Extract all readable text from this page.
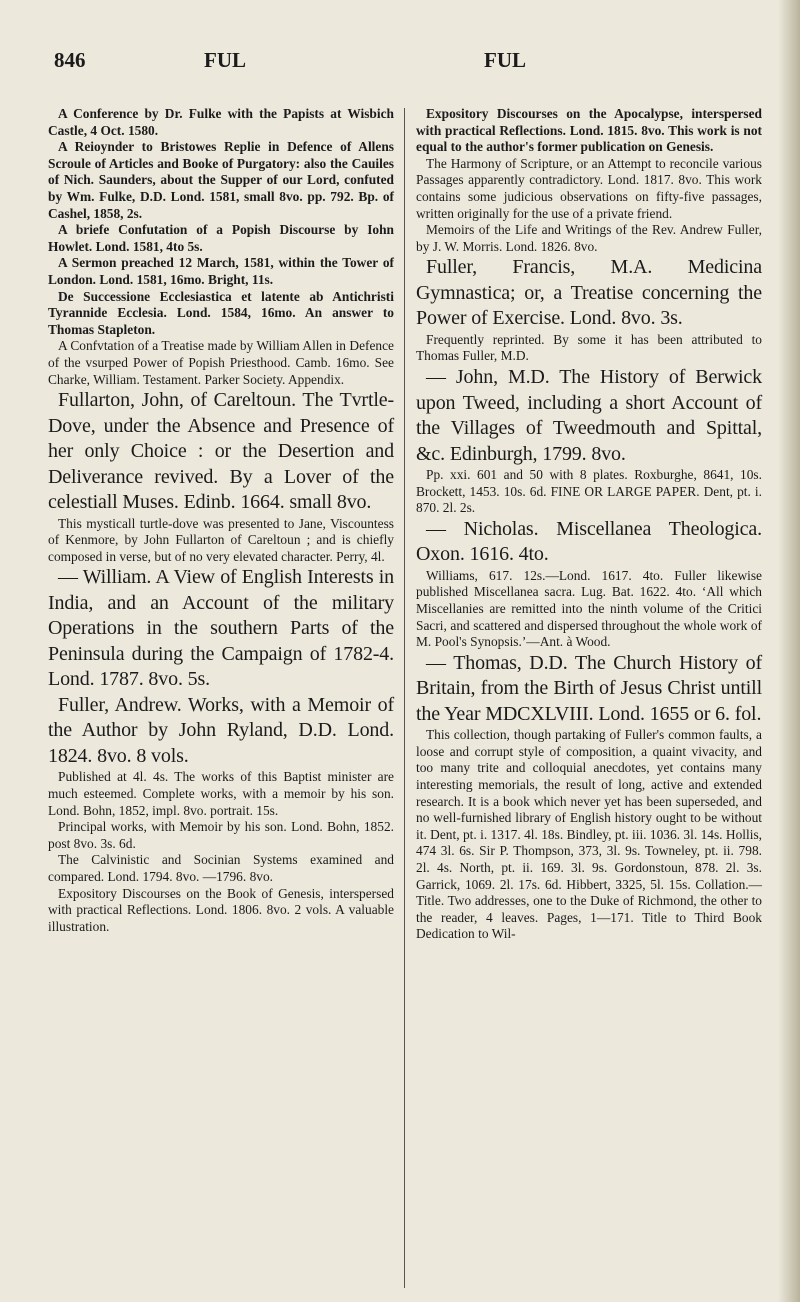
846	FUL	FUL

A Conference by Dr. Fulke with the Papists at Wisbich Castle, 4 Oct. 1580.

A Reioynder to Bristowes Replie in Defence of Allens Scroule of Articles and Booke of Purgatory: also the Cauiles of Nich. Saunders, about the Supper of our Lord, confuted by Wm. Fulke, D.D. Lond. 1581, small 8vo. pp. 792. Bp. of Cashel, 1858, 2s.

A briefe Confutation of a Popish Discourse by Iohn Howlet. Lond. 1581, 4to 5s.

A Sermon preached 12 March, 1581, within the Tower of London. Lond. 1581, 16mo. Bright, 11s.

De Successione Ecclesiastica et latente ab Antichristi Tyrannide Ecclesia. Lond. 1584, 16mo. An answer to Thomas Stapleton.

A Confvtation of a Treatise made by William Allen in Defence of the vsurped Power of Popish Priesthood. Camb. 16mo. See Charke, William. Testament. Parker Society. Appendix.

Fullarton, John, of Careltoun. The Tvrtle-Dove, under the Absence and Presence of her only Choice : or the Desertion and Deliverance revived. By a Lover of the celestiall Muses. Edinb. 1664. small 8vo.

This mysticall turtle-dove was presented to Jane, Viscountess of Kenmore, by John Fullarton of Careltoun ; and is chiefly composed in verse, but of no very elevated character. Perry, 4l.

— William. A View of English Interests in India, and an Account of the military Operations in the southern Parts of the Peninsula during the Campaign of 1782-4. Lond. 1787. 8vo. 5s.

Fuller, Andrew. Works, with a Memoir of the Author by John Ryland, D.D. Lond. 1824. 8vo. 8 vols.

Published at 4l. 4s. The works of this Baptist minister are much esteemed. Complete works, with a memoir by his son. Lond. Bohn, 1852, impl. 8vo. portrait. 15s.

Principal works, with Memoir by his son. Lond. Bohn, 1852. post 8vo. 3s. 6d.

The Calvinistic and Socinian Systems examined and compared. Lond. 1794. 8vo. —1796. 8vo.

Expository Discourses on the Book of Genesis, interspersed with practical Reflections. Lond. 1806. 8vo. 2 vols. A valuable illustration.

Expository Discourses on the Apocalypse, interspersed with practical Reflections. Lond. 1815. 8vo. This work is not equal to the author's former publication on Genesis.

The Harmony of Scripture, or an Attempt to reconcile various Passages apparently contradictory. Lond. 1817. 8vo. This work contains some judicious observations on fifty-five passages, written originally for the use of a private friend.

Memoirs of the Life and Writings of the Rev. Andrew Fuller, by J. W. Morris. Lond. 1826. 8vo.

Fuller, Francis, M.A. Medicina Gymnastica; or, a Treatise concerning the Power of Exercise. Lond. 8vo. 3s.

Frequently reprinted. By some it has been attributed to Thomas Fuller, M.D.

— John, M.D. The History of Berwick upon Tweed, including a short Account of the Villages of Tweedmouth and Spittal, &c. Edinburgh, 1799. 8vo.

Pp. xxi. 601 and 50 with 8 plates. Roxburghe, 8641, 10s. Brockett, 1453. 10s. 6d. FINE OR LARGE PAPER. Dent, pt. i. 870. 2l. 2s.

— Nicholas. Miscellanea Theologica. Oxon. 1616. 4to.

Williams, 617. 12s.—Lond. 1617. 4to. Fuller likewise published Miscellanea sacra. Lug. Bat. 1622. 4to. ‘All which Miscellanies are remitted into the ninth volume of the Critici Sacri, and scattered and dispersed throughout the whole work of M. Pool's Synopsis.’—Ant. à Wood.

— Thomas, D.D. The Church History of Britain, from the Birth of Jesus Christ untill the Year MDCXLVIII. Lond. 1655 or 6. fol.

This collection, though partaking of Fuller's common faults, a loose and corrupt style of composition, a quaint vivacity, and too many trite and colloquial anecdotes, yet contains many interesting memorials, the result of long, active and extended research. It is a book which never yet has been superseded, and no well-furnished library of English history ought to be without it. Dent, pt. i. 1317. 4l. 18s. Bindley, pt. iii. 1036. 3l. 14s. Hollis, 474 3l. 6s. Sir P. Thompson, 373, 3l. 9s. Towneley, pt. ii. 798. 2l. 4s. North, pt. ii. 169. 3l. 9s. Gordonstoun, 878. 2l. 3s. Garrick, 1069. 2l. 17s. 6d. Hibbert, 3325, 5l. 15s. Collation.—Title. Two addresses, one to the Duke of Richmond, the other to the reader, 4 leaves. Pages, 1—171. Title to Third Book Dedication to Wil-
